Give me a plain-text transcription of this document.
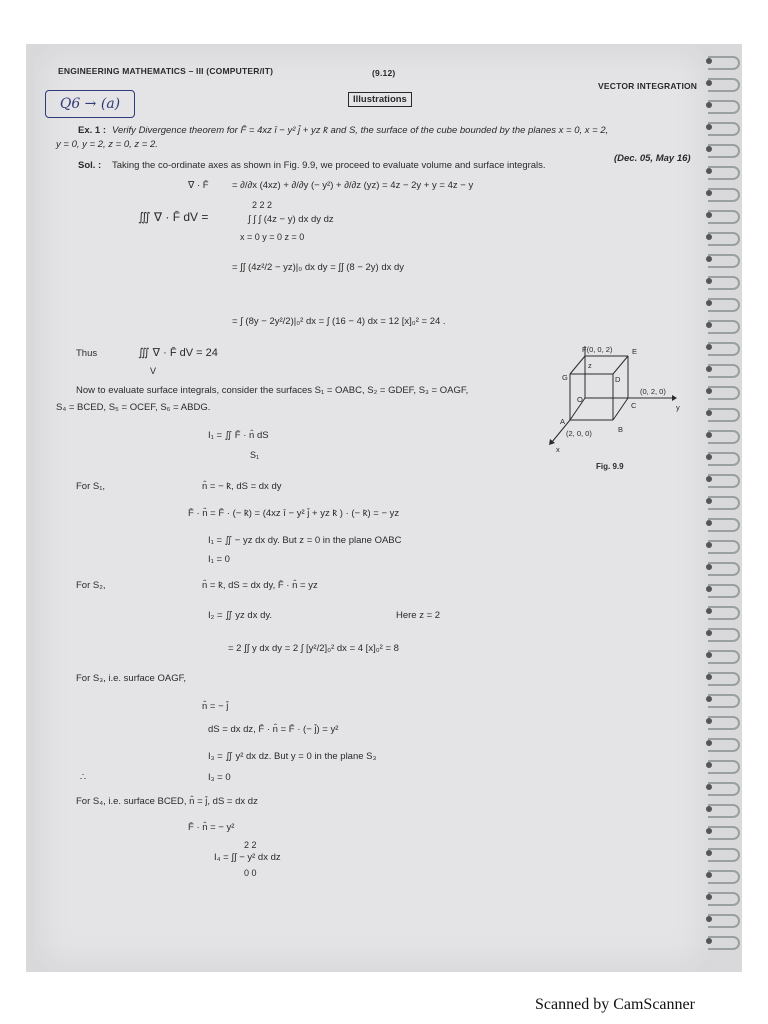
ENGINEERING MATHEMATICS – III (COMPUTER/IT)	(9.12)
VECTOR INTEGRATION
Q6 → (a)	Illustrations
Ex. 1 : Verify Divergence theorem for F̄ = 4xz ī − y² j̄ + yz k̄ and S, the surface of the cube bounded by the planes x = 0, x = 2,
y = 0, y = 2, z = 0, z = 2.
(Dec. 05, May 16)
Sol. : Taking the co-ordinate axes as shown in Fig. 9.9, we proceed to evaluate volume and surface integrals.
∇ · F̄ = ∂/∂x (4xz) + ∂/∂y (− y²) + ∂/∂z (yz) = 4z − 2y + y = 4z − y
∭ ∇ · F̄ dV =
2 2 2
∫ ∫ ∫ (4z − y) dx dy dz
x = 0 y = 0 z = 0
= ∫∫ (4z²/2 − yz)|₀ dx dy = ∫∫ (8 − 2y) dx dy
= ∫ (8y − 2y²/2)|₀² dx = ∫ (16 − 4) dx = 12 [x]₀² = 24 .
Thus	∭ ∇ · F̄ dV = 24
V
Now to evaluate surface integrals, consider the surfaces S₁ = OABC, S₂ = GDEF, S₃ = OAGF,
S₄ = BCED, S₅ = OCEF, S₆ = ABDG.
I₁ = ∬ F̄ · n̂ dS
S₁
For S₁,	n̂ = − k̄, dS = dx dy
F̄ · n̂ = F̄ · (− k̄) = (4xz ī − y² j̄ + yz k̄ ) · (− k̄) = − yz
I₁ = ∬ − yz dx dy. But z = 0 in the plane OABC
I₁ = 0
For S₂,	n̂ = k̄, dS = dx dy, F̄ · n̂ = yz
I₂ = ∬ yz dx dy.	Here z = 2
= 2 ∫∫ y dx dy = 2 ∫ [y²/2]₀² dx = 4 [x]₀² = 8
For S₃, i.e. surface OAGF,
n̂ = − j̄
dS = dx dz, F̄ · n̂ = F̄ · (− j̄) = y²
I₃ = ∬ y² dx dz. But y = 0 in the plane S₃
∴	I₃ = 0
For S₄, i.e. surface BCED, n̂ = j̄, dS = dx dz
F̄ · n̂ = − y²
2 2
I₄ = ∫∫ − y² dx dz
0 0
F(0, 0, 2)	E
G	D
z
O
C	y
(0, 2, 0)
A
B
(2, 0, 0)
x
Fig. 9.9
Scanned by CamScanner
